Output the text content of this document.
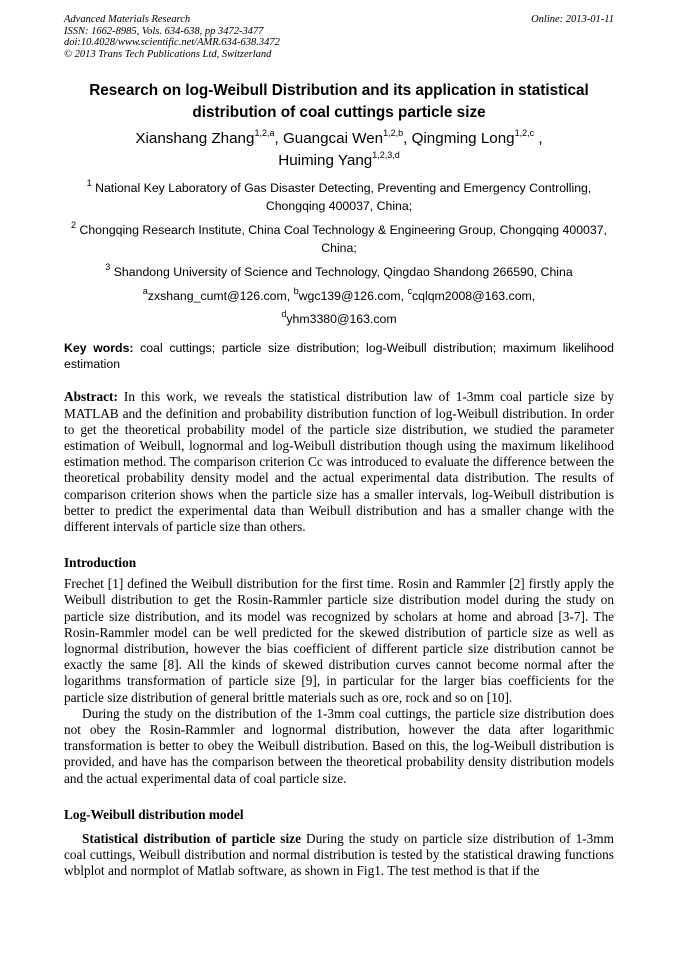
Advanced Materials Research
ISSN: 1662-8985, Vols. 634-638, pp 3472-3477
doi:10.4028/www.scientific.net/AMR.634-638.3472
© 2013 Trans Tech Publications Ltd, Switzerland
Online: 2013-01-11
Research on log-Weibull Distribution and its application in statistical distribution of coal cuttings particle size
Xianshang Zhang$^{1,2,a}$, Guangcai Wen$^{1,2,b}$, Qingming Long$^{1,2,c}$ ,
Huiming Yang$^{1,2,3,d}$
$^1$ National Key Laboratory of Gas Disaster Detecting, Preventing and Emergency Controlling, Chongqing 400037, China;
$^2$ Chongqing Research Institute, China Coal Technology & Engineering Group, Chongqing 400037, China;
$^3$ Shandong University of Science and Technology, Qingdao Shandong 266590, China
$^a$zxshang_cumt@126.com, $^b$wgc139@126.com, $^c$cqlqm2008@163.com,
$^d$yhm3380@163.com
Key words: coal cuttings; particle size distribution; log-Weibull distribution; maximum likelihood estimation
Abstract: In this work, we reveals the statistical distribution law of 1-3mm coal particle size by MATLAB and the definition and probability distribution function of log-Weibull distribution. In order to get the theoretical probability model of the particle size distribution, we studied the parameter estimation of Weibull, lognormal and log-Weibull distribution though using the maximum likelihood estimation method. The comparison criterion Cc was introduced to evaluate the difference between the theoretical probability density model and the actual experimental data distribution. The results of comparison criterion shows when the particle size has a smaller intervals, log-Weibull distribution is better to predict the experimental data than Weibull distribution and has a smaller change with the different intervals of particle size than others.
Introduction
Frechet [1] defined the Weibull distribution for the first time. Rosin and Rammler [2] firstly apply the Weibull distribution to get the Rosin-Rammler particle size distribution model during the study on particle size distribution, and its model was recognized by scholars at home and abroad [3-7]. The Rosin-Rammler model can be well predicted for the skewed distribution of particle size as well as lognormal distribution, however the bias coefficient of different particle size distribution cannot be exactly the same [8]. All the kinds of skewed distribution curves cannot become normal after the logarithms transformation of particle size [9], in particular for the larger bias coefficients for the particle size distribution of general brittle materials such as ore, rock and so on [10].
During the study on the distribution of the 1-3mm coal cuttings, the particle size distribution does not obey the Rosin-Rammler and lognormal distribution, however the data after logarithmic transformation is better to obey the Weibull distribution. Based on this, the log-Weibull distribution is provided, and have has the comparison between the theoretical probability density distribution models and the actual experimental data of coal particle size.
Log-Weibull distribution model
Statistical distribution of particle size During the study on particle size distribution of 1-3mm coal cuttings, Weibull distribution and normal distribution is tested by the statistical drawing functions wblplot and normplot of Matlab software, as shown in Fig1. The test method is that if the
